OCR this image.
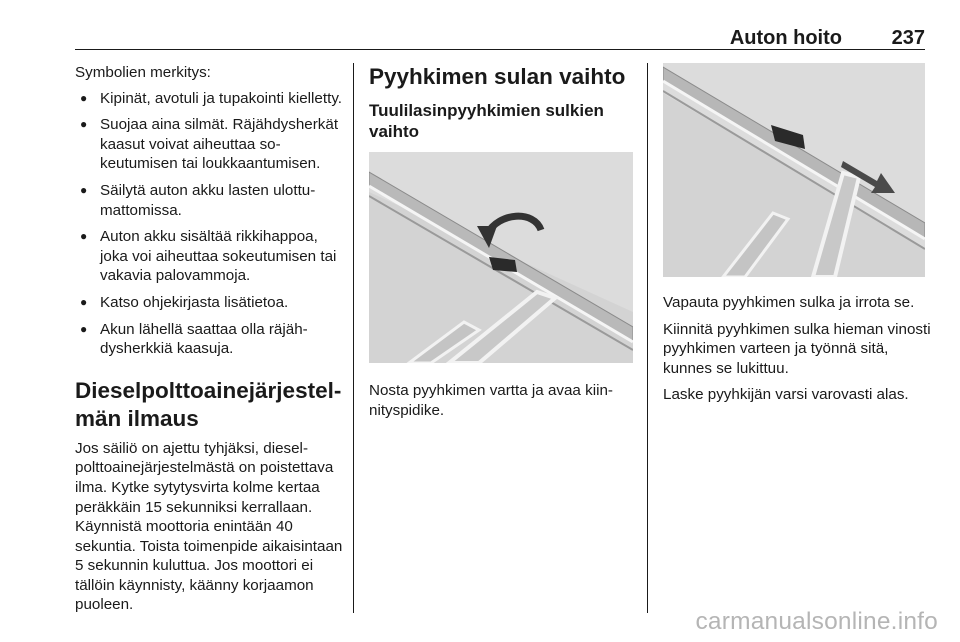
Auton hoito 237

Symbolien merkitys:

● Kipinät, avotuli ja tupakointi kielletty.
● Suojaa aina silmät. Räjähdysherkät kaasut voivat aiheuttaa sokeutumisen tai loukkaantumisen.
● Säilytä auton akku lasten ulottumattomissa.
● Auton akku sisältää rikkihappoa, joka voi aiheuttaa sokeutumisen tai vakavia palovammoja.
● Katso ohjekirjasta lisätietoa.
● Akun lähellä saattaa olla räjähdysherkkiä kaasuja.
Dieselpolttoainejärjestelmän ilmaus

Jos säiliö on ajettu tyhjäksi, dieselpolttoainejärjestelmästä on poistettava ilma. Kytke sytytysvirta kolme kertaa peräkkäin 15 sekunniksi kerrallaan. Käynnistä moottoria enintään 40 sekuntia. Toista toimenpide aikaisintaan 5 sekunnin kuluttua. Jos moottori ei tällöin käynnisty, käänny korjaamon puoleen.

Pyyhkimen sulan vaihto
Tuulilasinpyyhkimien sulkien vaihto

Nosta pyyhkimen vartta ja avaa kiinnityspidike.

Vapauta pyyhkimen sulka ja irrota se.

Kiinnitä pyyhkimen sulka hieman vinosti pyyhkimen varteen ja työnnä sitä, kunnes se lukittuu.

Laske pyyhkijän varsi varovasti alas.

carmanualsonline.info
